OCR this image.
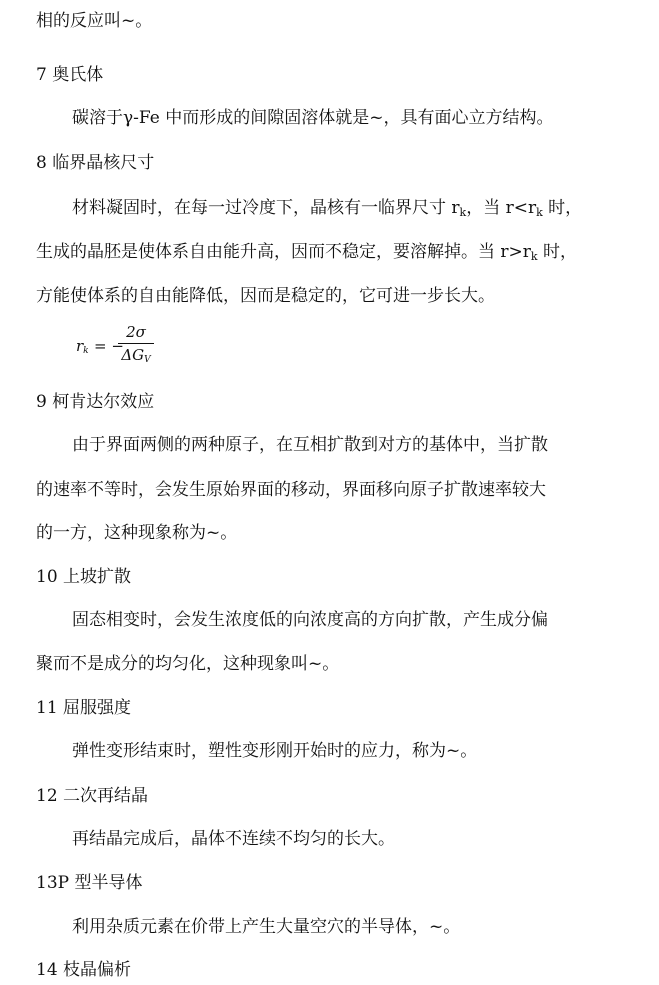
相的反应叫~。
7 奥氏体
碳溶于γ-Fe 中而形成的间隙固溶体就是~，具有面心立方结构。
8 临界晶核尺寸
材料凝固时，在每一过冷度下，晶核有一临界尺寸 $r_k$，当 $r<r_k$ 时，
生成的晶胚是使体系自由能升高，因而不稳定，要溶解掉。当 $r>r_k$ 时，
方能使体系的自由能降低，因而是稳定的，它可进一步长大。
rk = −
2σ
ΔGV
9 柯肯达尔效应
由于界面两侧的两种原子，在互相扩散到对方的基体中，当扩散
的速率不等时，会发生原始界面的移动，界面移向原子扩散速率较大
的一方，这种现象称为~。
10 上坡扩散
固态相变时，会发生浓度低的向浓度高的方向扩散，产生成分偏
聚而不是成分的均匀化，这种现象叫~。
11 屈服强度
弹性变形结束时，塑性变形刚开始时的应力，称为~。
12 二次再结晶
再结晶完成后，晶体不连续不均匀的长大。
13P 型半导体
利用杂质元素在价带上产生大量空穴的半导体，~。
14 枝晶偏析
